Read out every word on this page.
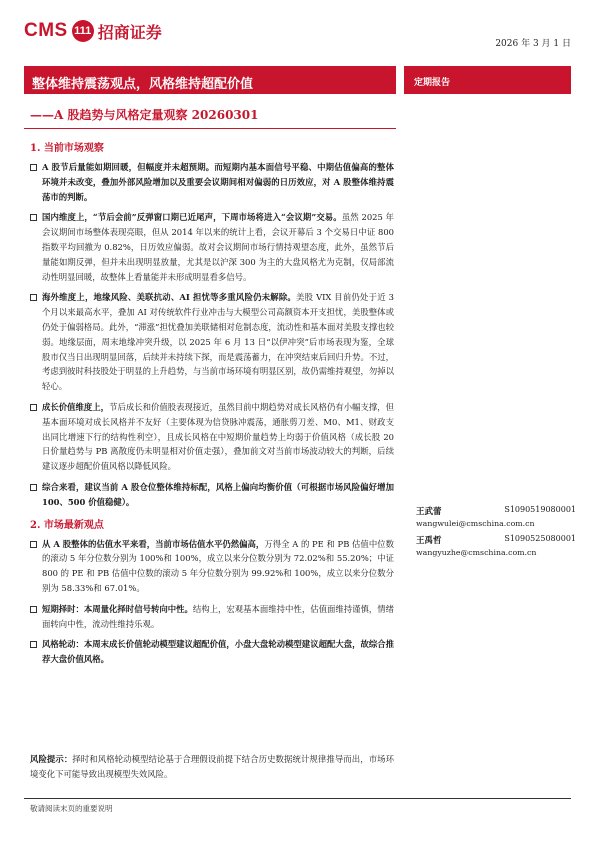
CMS 111 招商证券
2026 年 3 月 1 日
整体维持震荡观点，风格维持超配价值	定期报告
——A 股趋势与风格定量观察 20260301
1. 当前市场观察
A 股节后量能如期回暖，但幅度并未超预期。而短期内基本面信号平稳、中期估值偏高的整体环境并未改变，叠加外部风险增加以及重要会议期间相对偏弱的日历效应，对 A 股整体维持震荡市的判断。
国内维度上，“节后会前”反弹窗口期已近尾声，下周市场将进入“会议期”交易。虽然 2025 年会议期间市场整体表现亮眼，但从 2014 年以来的统计上看，会议开幕后 3 个交易日中证 800 指数平均回撤为 0.82%，日历效应偏弱。故对会议期间市场行情持观望态度，此外，虽然节后量能如期反弹，但并未出现明显放量，尤其是以沪深 300 为主的大盘风格尤为克制，仅局部流动性明显回暖，故整体上看量能并未形成明显看多信号。
海外维度上，地缘风险、美联抗动、AI 担忧等多重风险仍未解除。美股 VIX 目前仍处于近 3 个月以来最高水平，叠加 AI 对传统软件行业冲击与大模型公司高额资本开支担忧，美股整体或仍处于偏弱格局。此外，“滞涨”担忧叠加美联储相对危制态度，流动性和基本面对美股支撑也较弱。地缘层面，周末地缘冲突升级，以 2025 年 6 月 13 日“以伊冲突”后市场表现为鉴，全球股市仅当日出现明显回落，后续并未持续下探，而是震荡蓄力，在冲突结束后回归升势。不过，考虑到彼时科技股处于明显的上升趋势，与当前市场环境有明显区别，故仍需维持观望，勿掉以轻心。
成长价值维度上，节后成长和价值股表现接近，虽然目前中期趋势对成长风格仍有小幅支撑，但基本面环境对成长风格并不友好（主要体现为信贷脉冲震荡，通胀剪刀差、M0、M1、财政支出同比增速下行的结构性利空），且成长风格在中短期价量趋势上均弱于价值风格（成长股 20 日价量趋势与 PB 离散度仍未明显相对价值走强），叠加前文对当前市场波动较大的判断，后续建议逐步超配价值风格以降低风险。
综合来看，建议当前 A 股仓位整体维持标配，风格上偏向均衡价值（可根据市场风险偏好增加 100、500 价值稳健）。
2. 市场最新观点
从 A 股整体的估值水平来看，当前市场估值水平仍然偏高，万得全 A 的 PE 和 PB 估值中位数的滚动 5 年分位数分别为 100%和 100%，成立以来分位数分别为 72.02%和 55.20%；中证 800 的 PE 和 PB 估值中位数的滚动 5 年分位数分别为 99.92%和 100%，成立以来分位数分别为 58.33%和 67.01%。
短期择时：本周量化择时信号转向中性。结构上，宏观基本面维持中性，估值面维持谨慎，情绪面转向中性，流动性维持乐观。
风格轮动：本周末成长价值轮动模型建议超配价值，小盘大盘轮动模型建议超配大盘，故综合推荐大盘价值风格。
王武蕾	S1090519080001
wangwulei@cmschina.com.cn
王禹哲	S1090525080001
wangyuzhe@cmschina.com.cn
风险提示：择时和风格轮动模型结论基于合理假设前提下结合历史数据统计规律推导而出，市场环境变化下可能导致出现模型失效风险。
敬请阅读末页的重要说明
